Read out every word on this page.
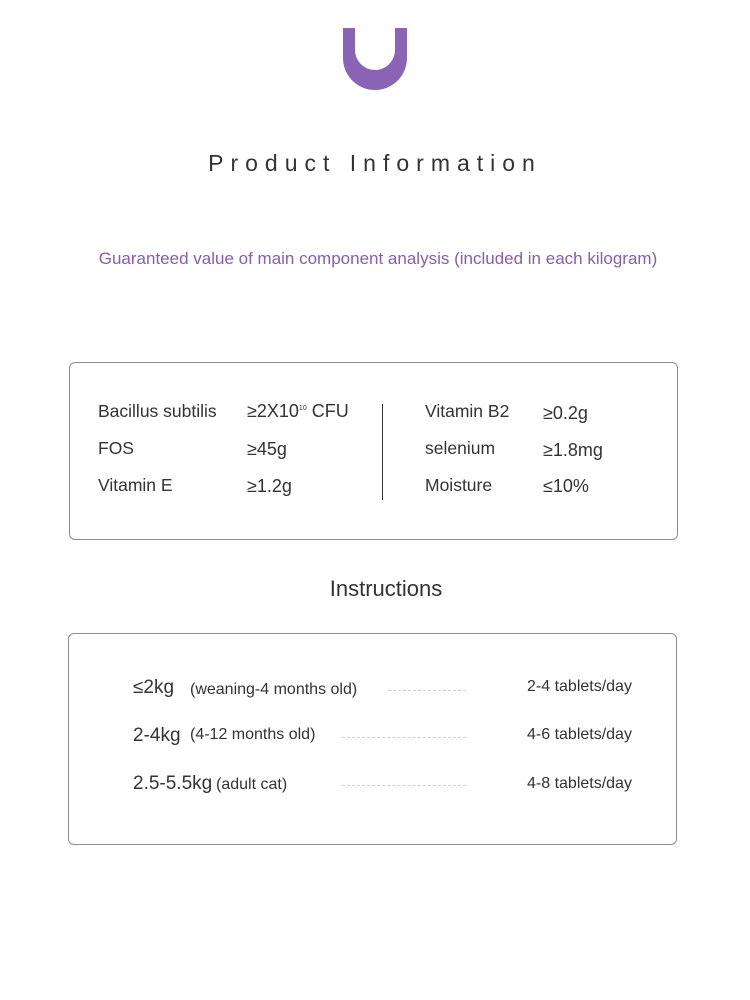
Product Information
Guaranteed value of main component analysis (included in each kilogram)
Bacillus subtilis $\ge 2X10^{10}$ CFU
FOS	≥45g
Vitamin E	≥1.2g
Vitamin B2 ≥0.2g
selenium	≥1.8mg
Moisture	≤10%
Instructions
≤2kg (weaning-4 months old)	2-4 tablets/day
2-4kg (4-12 months old)	4-6 tablets/day
2.5-5.5kg (adult cat)	4-8 tablets/day
